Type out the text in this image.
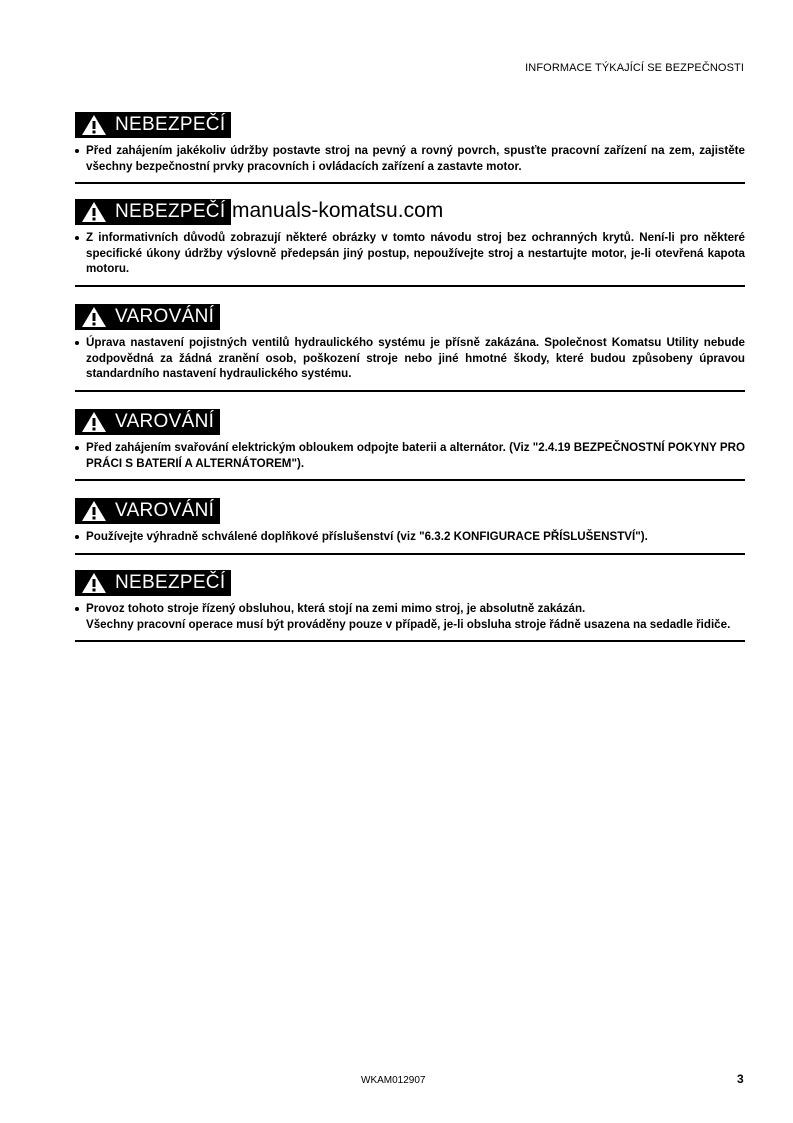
INFORMACE TÝKAJÍCÍ SE BEZPEČNOSTI
NEBEZPEČÍ
Před zahájením jakékoliv údržby postavte stroj na pevný a rovný povrch, spusťte pracovní zařízení na zem, zajistěte všechny bezpečnostní prvky pracovních i ovládacích zařízení a zastavte motor.
NEBEZPEČÍ
Z informativních důvodů zobrazují některé obrázky v tomto návodu stroj bez ochranných krytů. Není-li pro některé specifické úkony údržby výslovně předepsán jiný postup, nepoužívejte stroj a nestartujte motor, je-li otevřená kapota motoru.
manuals-komatsu.com
VAROVÁNÍ
Úprava nastavení pojistných ventilů hydraulického systému je přísně zakázána. Společnost Komatsu Utility nebude zodpovědná za žádná zranění osob, poškození stroje nebo jiné hmotné škody, které budou způsobeny úpravou standardního nastavení hydraulického systému.
VAROVÁNÍ
Před zahájením svařování elektrickým obloukem odpojte baterii a alternátor. (Viz "2.4.19 BEZPEČNOSTNÍ POKYNY PRO PRÁCI S BATERIÍ A ALTERNÁTOREM").
VAROVÁNÍ
Používejte výhradně schválené doplňkové příslušenství (viz "6.3.2 KONFIGURACE PŘÍSLUŠENSTVÍ").
NEBEZPEČÍ
Provoz tohoto stroje řízený obsluhou, která stojí na zemi mimo stroj, je absolutně zakázán.
Všechny pracovní operace musí být prováděny pouze v případě, je-li obsluha stroje řádně usazena na sedadle řidiče.
WKAM012907	3
